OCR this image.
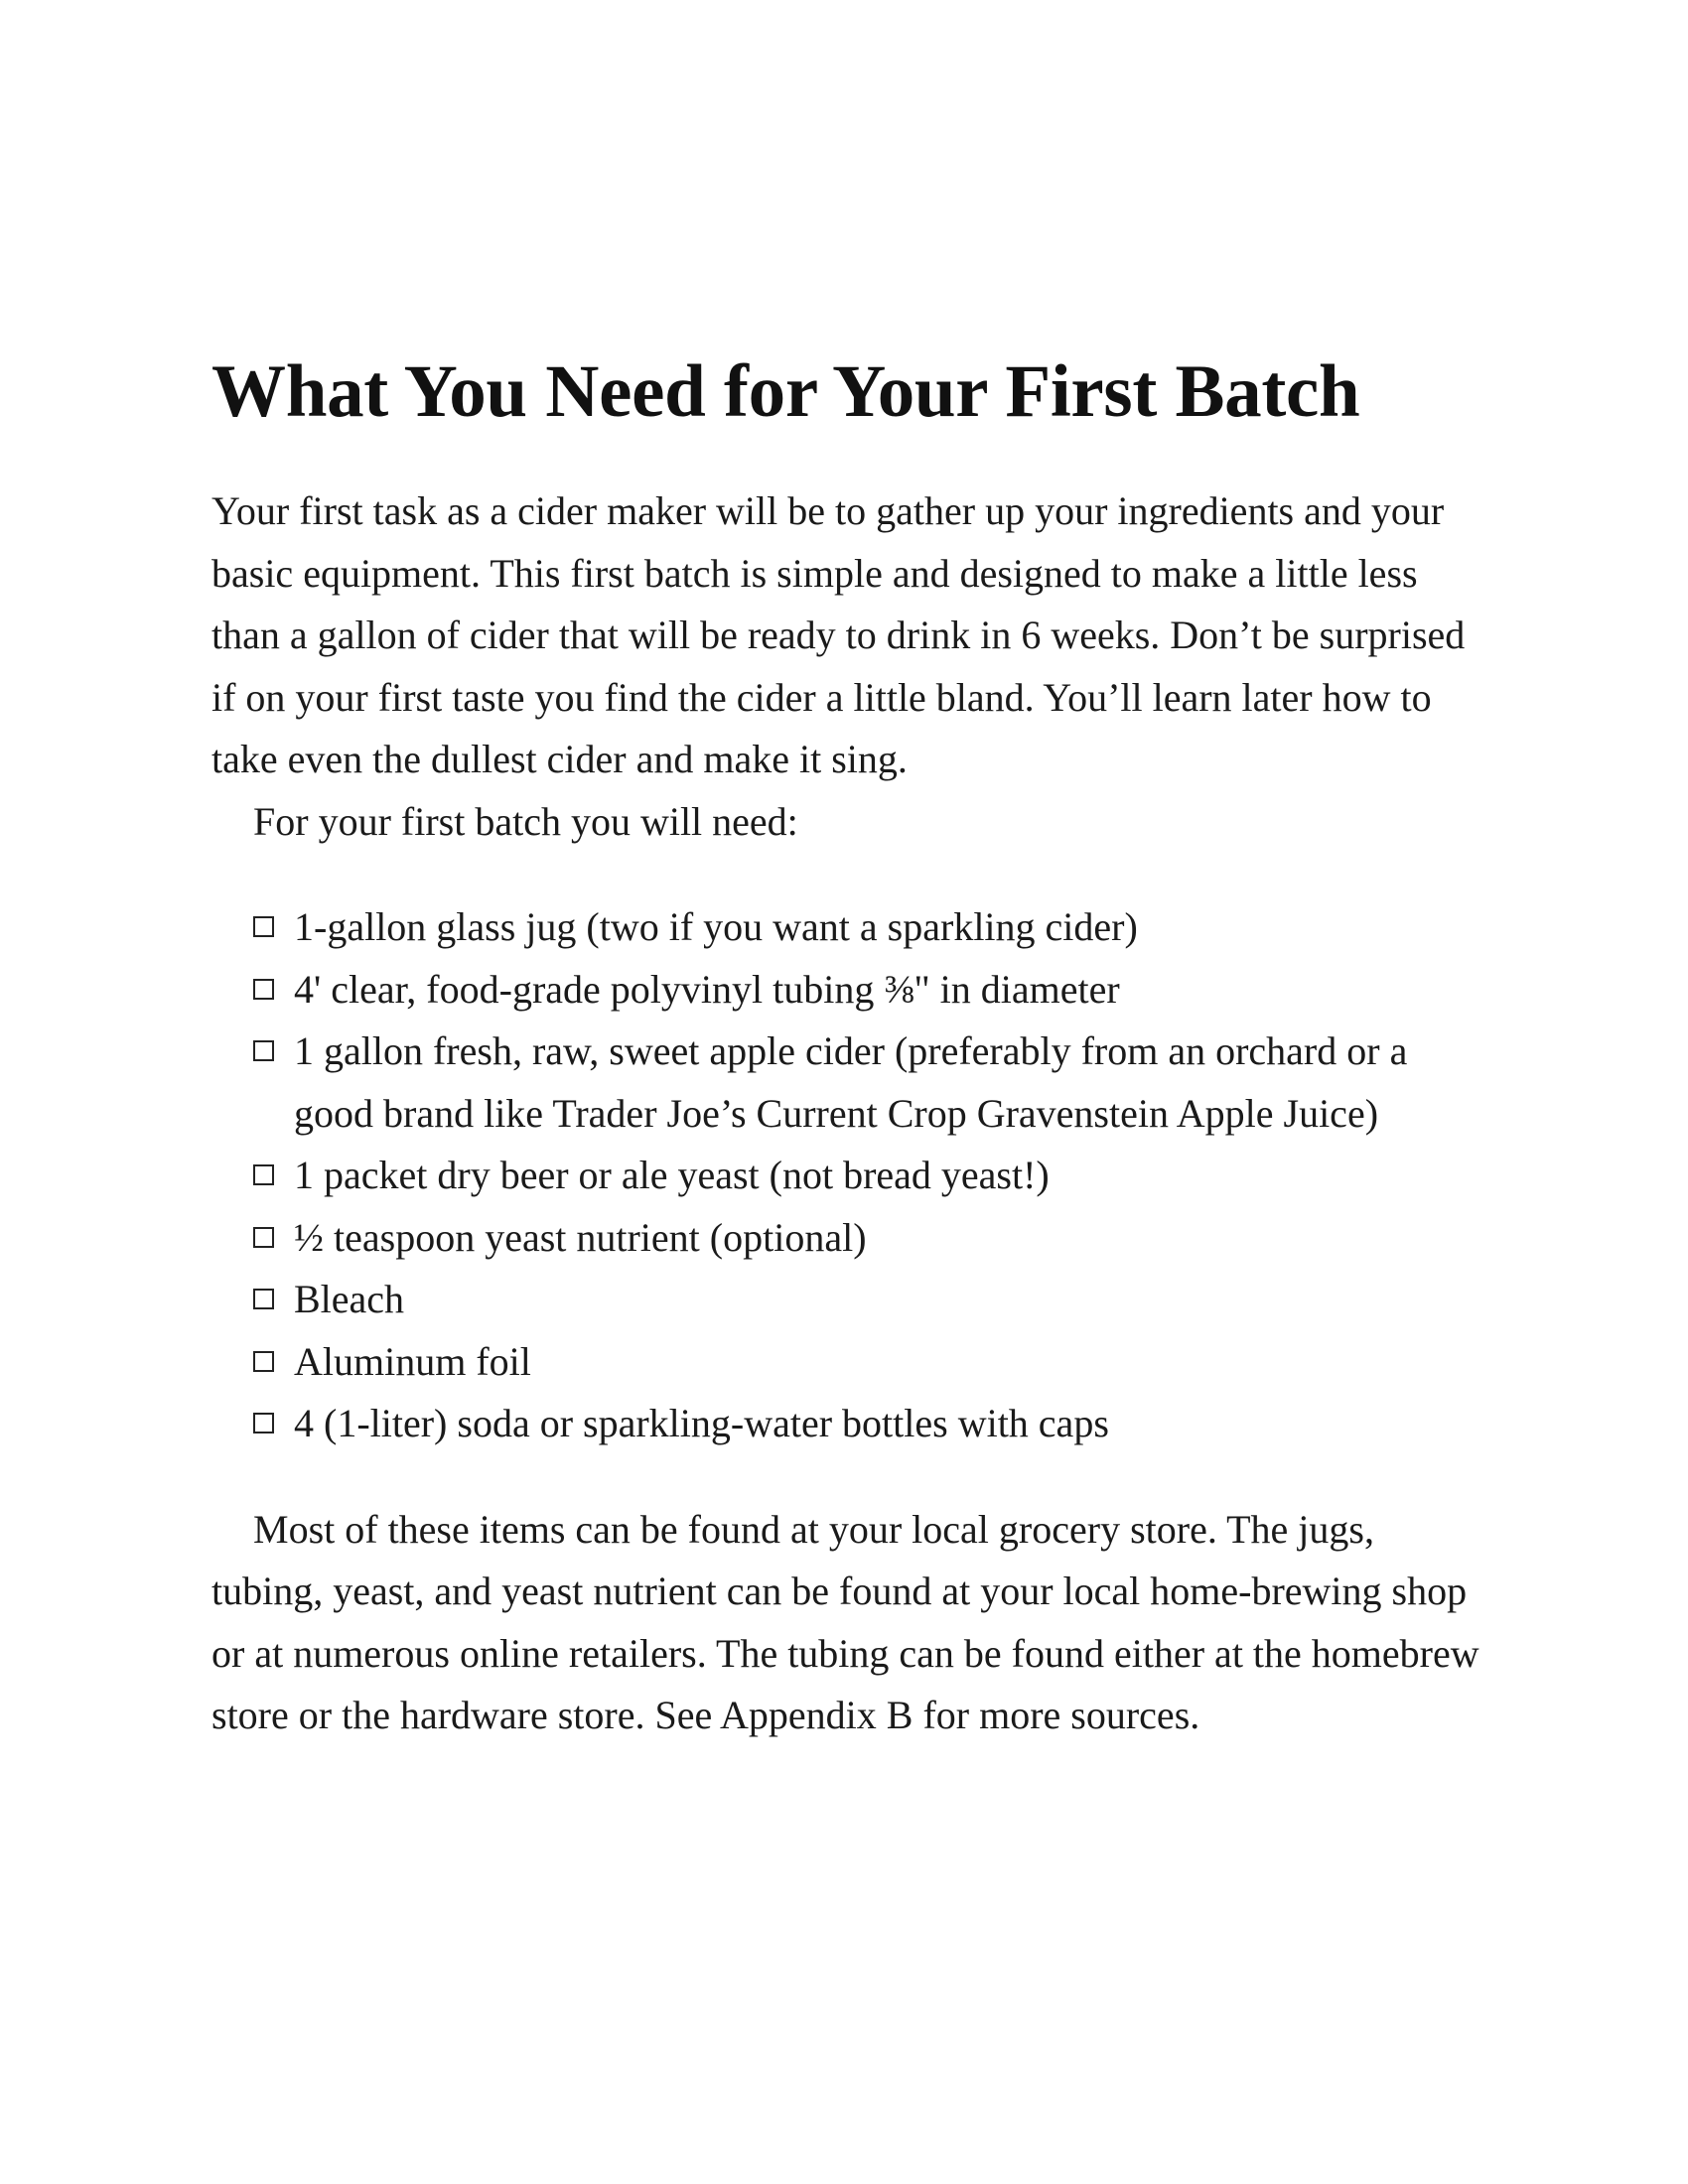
What You Need for Your First Batch

Your first task as a cider maker will be to gather up your ingredients and your basic equipment. This first batch is simple and designed to make a little less than a gallon of cider that will be ready to drink in 6 weeks. Don’t be surprised if on your first taste you find the cider a little bland. You’ll learn later how to take even the dullest cider and make it sing.

For your first batch you will need:

1-gallon glass jug (two if you want a sparkling cider)
4' clear, food-grade polyvinyl tubing ⅜" in diameter
1 gallon fresh, raw, sweet apple cider (preferably from an orchard or a good brand like Trader Joe’s Current Crop Gravenstein Apple Juice)
1 packet dry beer or ale yeast (not bread yeast!)
½ teaspoon yeast nutrient (optional)
Bleach
Aluminum foil
4 (1-liter) soda or sparkling-water bottles with caps

Most of these items can be found at your local grocery store. The jugs, tubing, yeast, and yeast nutrient can be found at your local home-brewing shop or at numerous online retailers. The tubing can be found either at the homebrew store or the hardware store. See Appendix B for more sources.
